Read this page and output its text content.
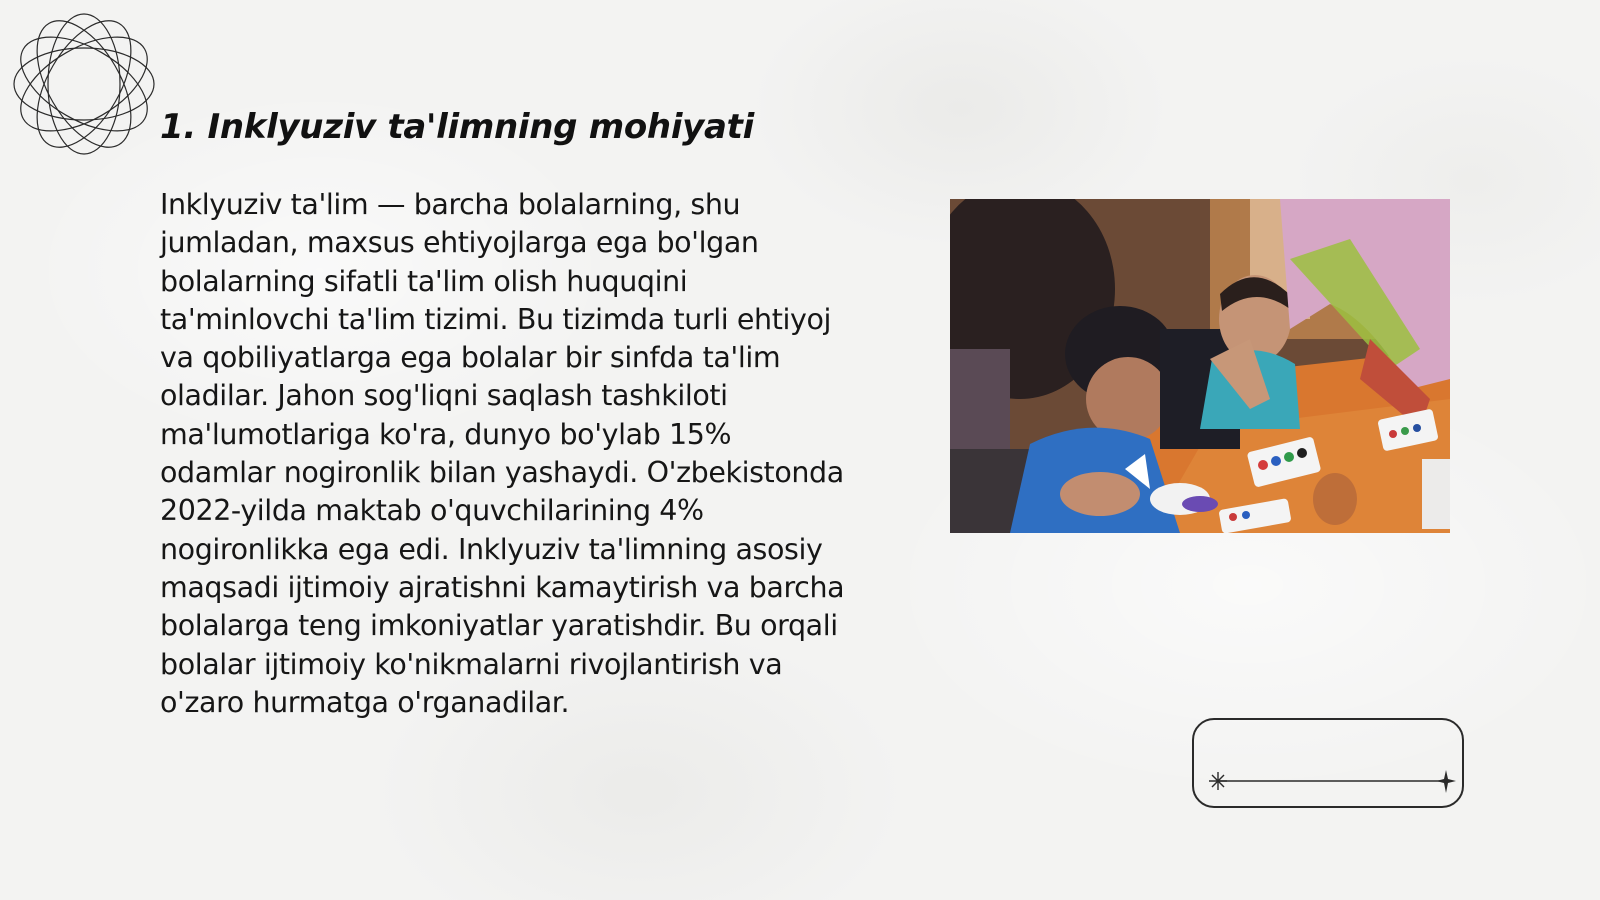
1. Inklyuziv ta'limning mohiyati

Inklyuziv ta'lim — barcha bolalarning, shu jumladan, maxsus ehtiyojlarga ega bo'lgan bolalarning sifatli ta'lim olish huquqini ta'minlovchi ta'lim tizimi. Bu tizimda turli ehtiyoj va qobiliyatlarga ega bolalar bir sinfda ta'lim oladilar. Jahon sog'liqni saqlash tashkiloti ma'lumotlariga ko'ra, dunyo bo'ylab 15% odamlar nogironlik bilan yashaydi. O'zbekistonda 2022-yilda maktab o'quvchilarining 4% nogironlikka ega edi. Inklyuziv ta'limning asosiy maqsadi ijtimoiy ajratishni kamaytirish va barcha bolalarga teng imkoniyatlar yaratishdir. Bu orqali bolalar ijtimoiy ko'nikmalarni rivojlantirish va o'zaro hurmatga o'rganadilar.
